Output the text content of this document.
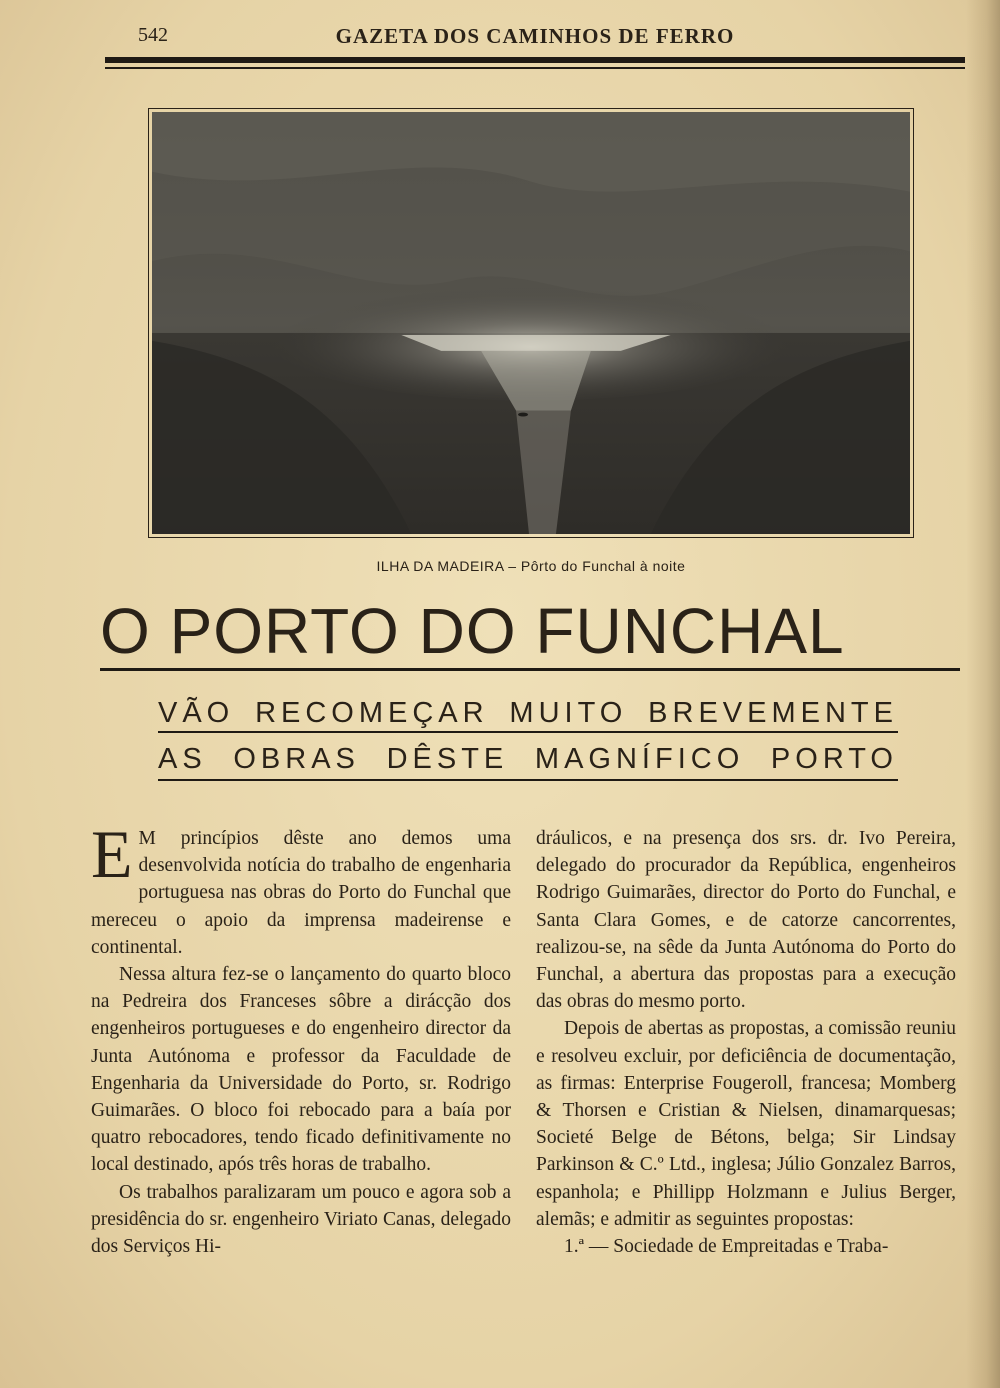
542	GAZETA DOS CAMINHOS DE FERRO
ILHA DA MADEIRA – Pôrto do Funchal à noite
O PORTO DO FUNCHAL
VÃO RECOMEÇAR MUITO BREVEMENTE
AS OBRAS DÊSTE MAGNÍFICO PORTO

E M princípios dêste ano demos uma desenvolvida notícia do trabalho de engenharia portuguesa nas obras do Porto do Funchal que mereceu o apoio da imprensa madeirense e continental.

Nessa altura fez-se o lançamento do quarto bloco na Pedreira dos Franceses sôbre a dirácção dos engenheiros portugueses e do engenheiro director da Junta Autónoma e professor da Faculdade de Engenharia da Universidade do Porto, sr. Rodrigo Guimarães. O bloco foi rebocado para a baía por quatro rebocadores, tendo ficado definitivamente no local destinado, após três horas de trabalho.

Os trabalhos paralizaram um pouco e agora sob a presidência do sr. engenheiro Viriato Canas, delegado dos Serviços Hi-

dráulicos, e na presença dos srs. dr. Ivo Pereira, delegado do procurador da República, engenheiros Rodrigo Guimarães, director do Porto do Funchal, e Santa Clara Gomes, e de catorze cancorrentes, realizou-se, na sêde da Junta Autónoma do Porto do Funchal, a abertura das propostas para a execução das obras do mesmo porto.

Depois de abertas as propostas, a comissão reuniu e resolveu excluir, por deficiência de documentação, as firmas: Enterprise Fougeroll, francesa; Momberg & Thorsen e Cristian & Nielsen, dinamarquesas; Societé Belge de Bétons, belga; Sir Lindsay Parkinson & C.º Ltd., inglesa; Júlio Gonzalez Barros, espanhola; e Phillipp Holzmann e Julius Berger, alemãs; e admitir as seguintes propostas:

1.ª — Sociedade de Empreitadas e Traba-
